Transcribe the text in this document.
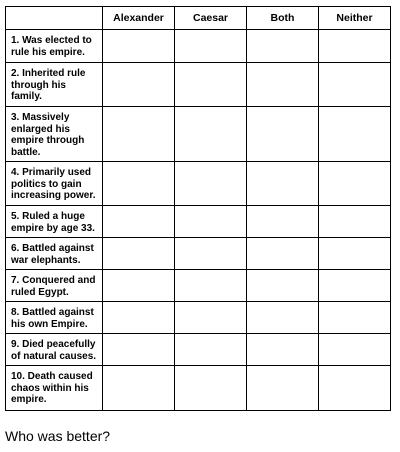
	Alexander	Caesar	Both	Neither
1. Was elected to rule his empire.				
2. Inherited rule through his family.				
3. Massively enlarged his empire through battle.				
4. Primarily used politics to gain increasing power.				
5. Ruled a huge empire by age 33.				
6. Battled against war elephants.				
7. Conquered and ruled Egypt.				
8. Battled against his own Empire.				
9. Died peacefully of natural causes.				
10. Death caused chaos within his empire.				
Who was better?
